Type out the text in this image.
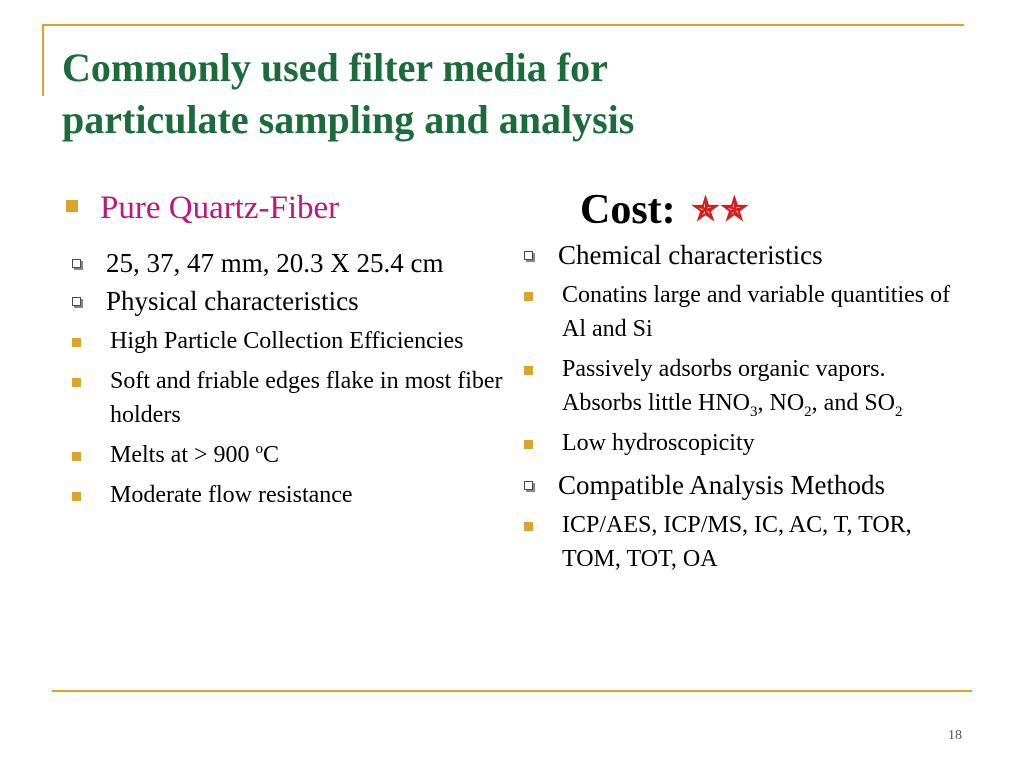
Commonly used filter media for
particulate sampling and analysis
Pure Quartz-Fiber	Cost: ✯✯
25, 37, 47 mm, 20.3 X 25.4 cm
Physical characteristics
High Particle Collection Efficiencies
Soft and friable edges flake in most fiber holders
Melts at > 900 $^o$C
Moderate flow resistance
Chemical characteristics
Conatins large and variable quantities of Al and Si
Passively adsorbs organic vapors. Absorbs little $HNO_3$, $NO_2$, and $SO_2$
Low hydroscopicity
Compatible Analysis Methods
ICP/AES, ICP/MS, IC, AC, T, TOR, TOM, TOT, OA
18
